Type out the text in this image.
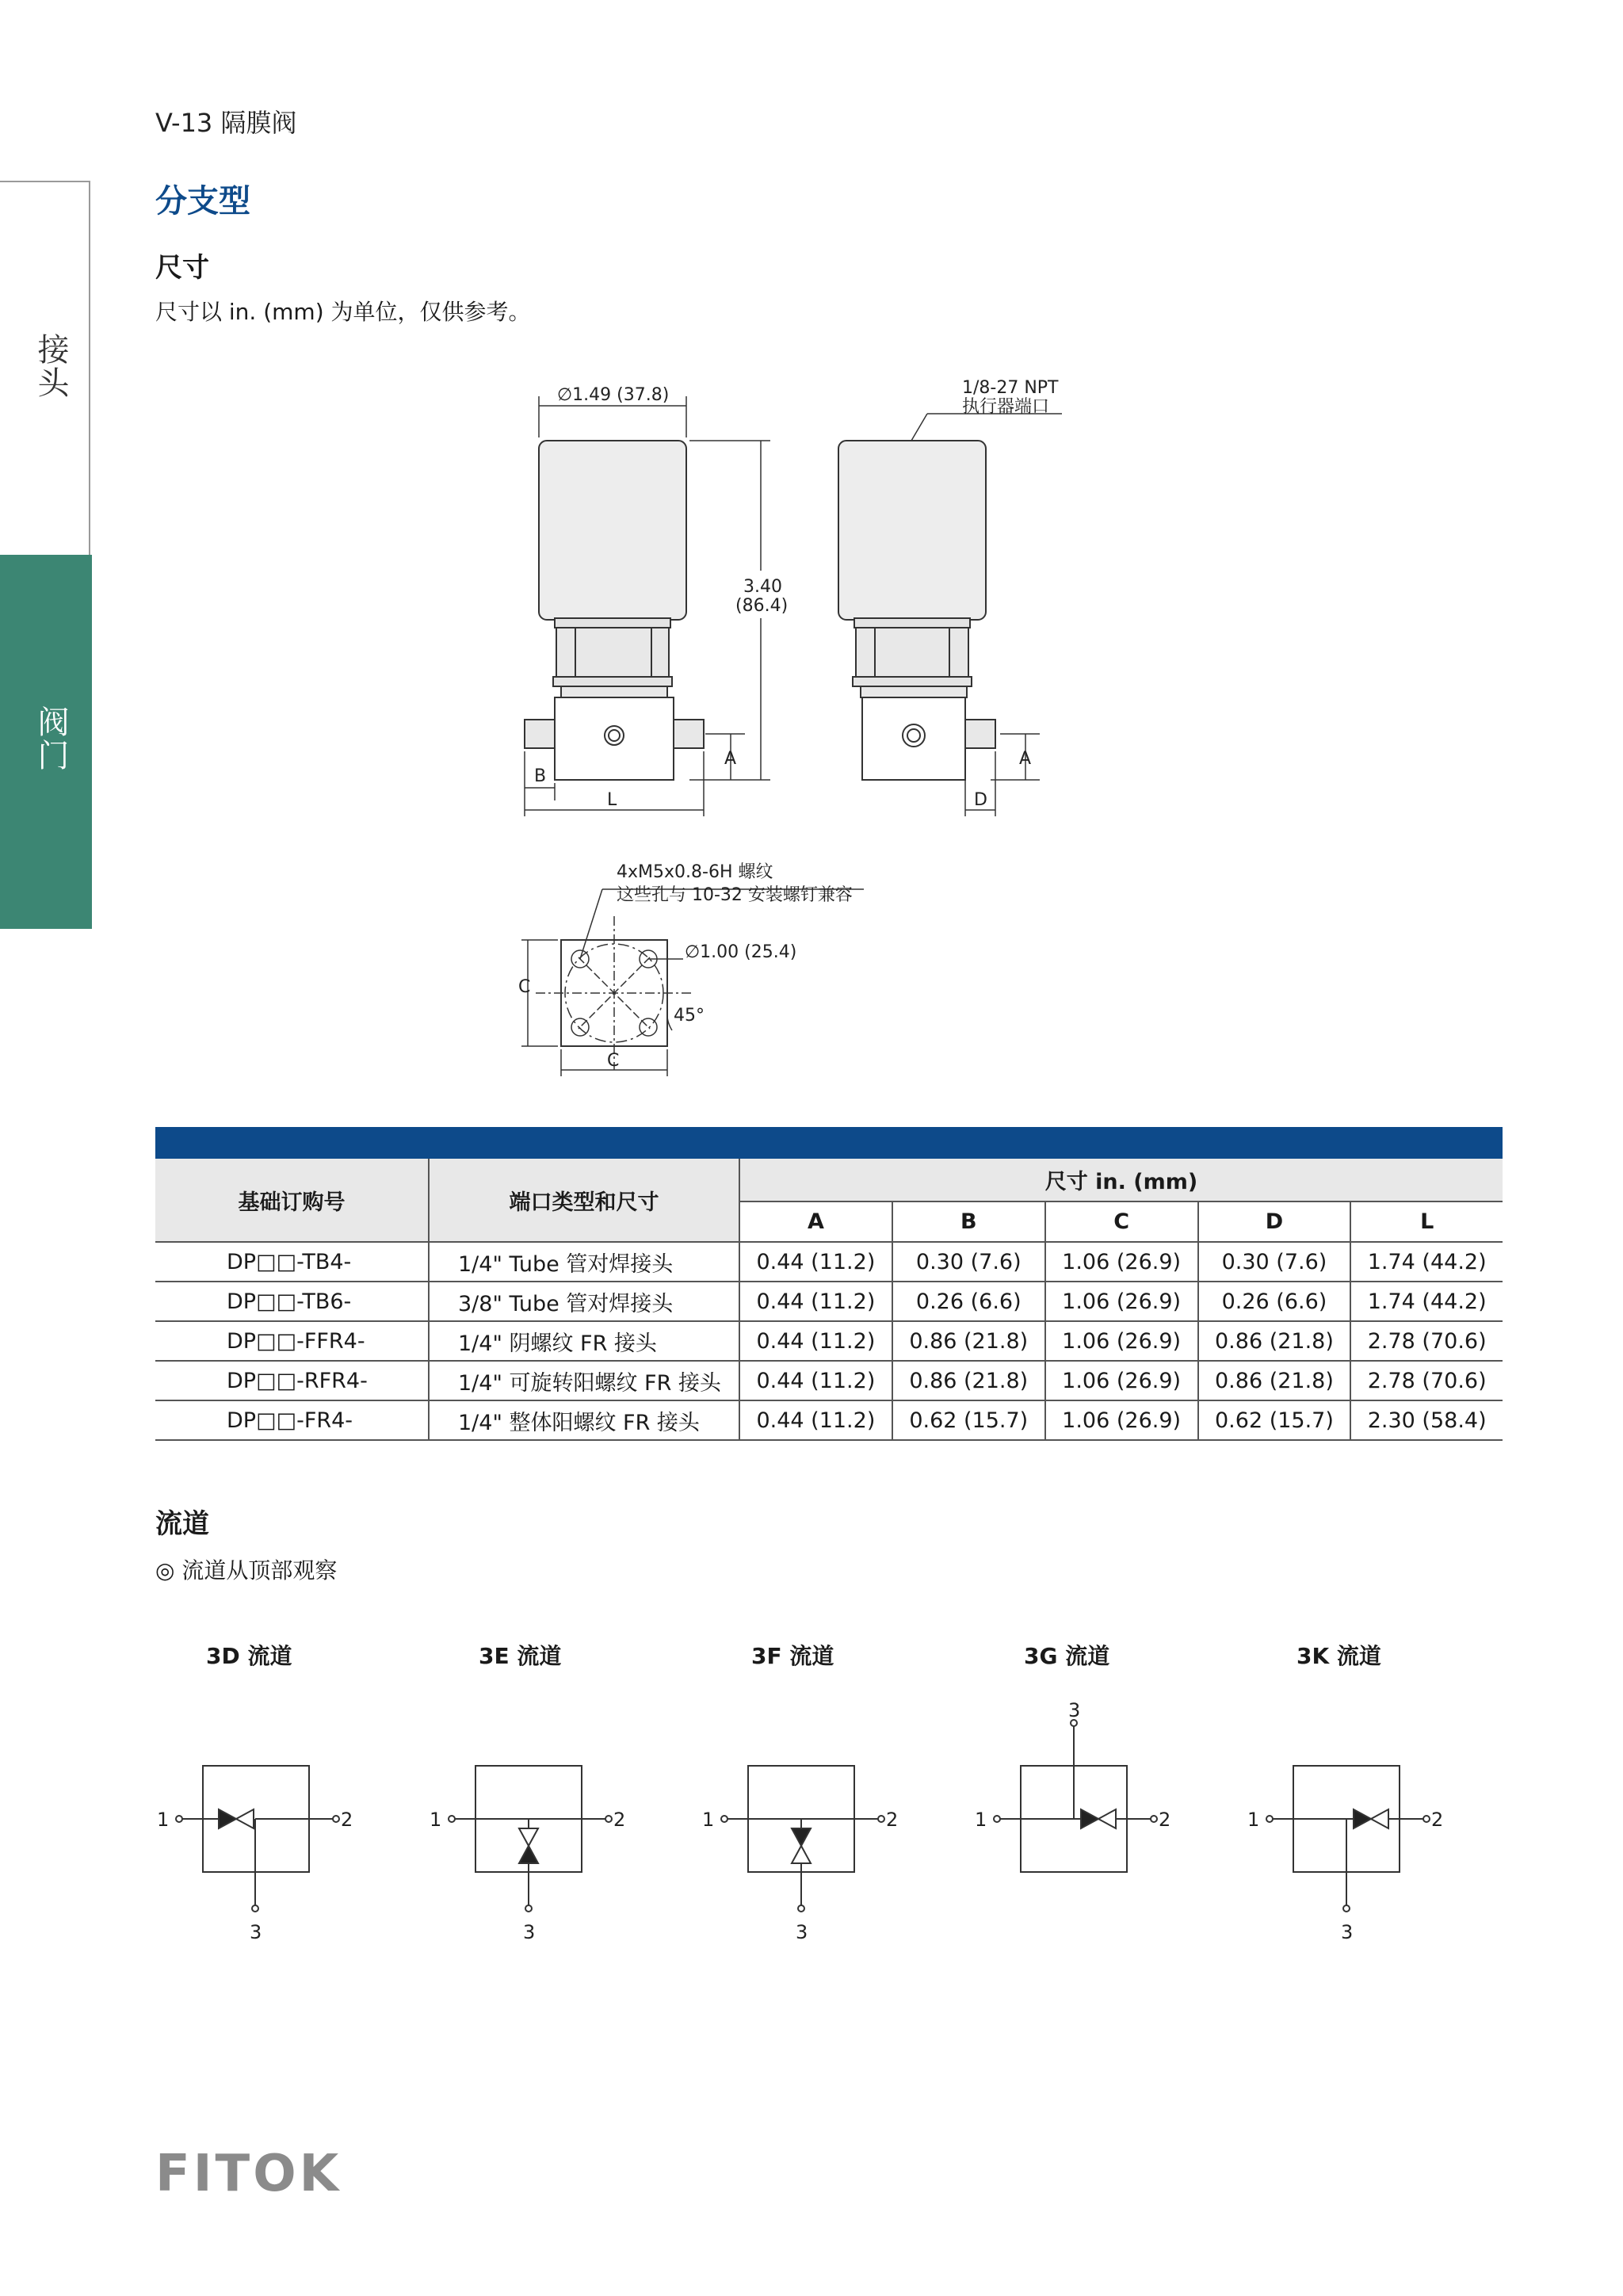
接头
阀门
V-13 隔膜阀
分支型
尺寸
尺寸以 in. (mm) 为单位，仅供参考。
∅1.49 (37.8)	1/8-27 NPT
执行器端口
3.40
(86.4)
A	A
B
L	D
4xM5x0.8-6H 螺纹
这些孔与 10-32 安装螺钉兼容
∅1.00 (25.4)
C
C
45°
基础订购号	端口类型和尺寸	尺寸 in. (mm)				
		A	B	C	D	L
DP□□-TB4-	1/4" Tube 管对焊接头	0.44 (11.2)	0.30 (7.6)	1.06 (26.9)	0.30 (7.6)	1.74 (44.2)
DP□□-TB6-	3/8" Tube 管对焊接头	0.44 (11.2)	0.26 (6.6)	1.06 (26.9)	0.26 (6.6)	1.74 (44.2)
DP□□-FFR4-	1/4" 阴螺纹 FR 接头	0.44 (11.2)	0.86 (21.8)	1.06 (26.9)	0.86 (21.8)	2.78 (70.6)
DP□□-RFR4-	1/4" 可旋转阳螺纹 FR 接头	0.44 (11.2)	0.86 (21.8)	1.06 (26.9)	0.86 (21.8)	2.78 (70.6)
DP□□-FR4-	1/4" 整体阳螺纹 FR 接头	0.44 (11.2)	0.62 (15.7)	1.06 (26.9)	0.62 (15.7)	2.30 (58.4)
流道
◎ 流道从顶部观察
3D 流道	3E 流道	3F 流道	3G 流道	3K 流道
1	2
3
1	2
3
1	2
3
1	2
3
1	2
3
FITOK
